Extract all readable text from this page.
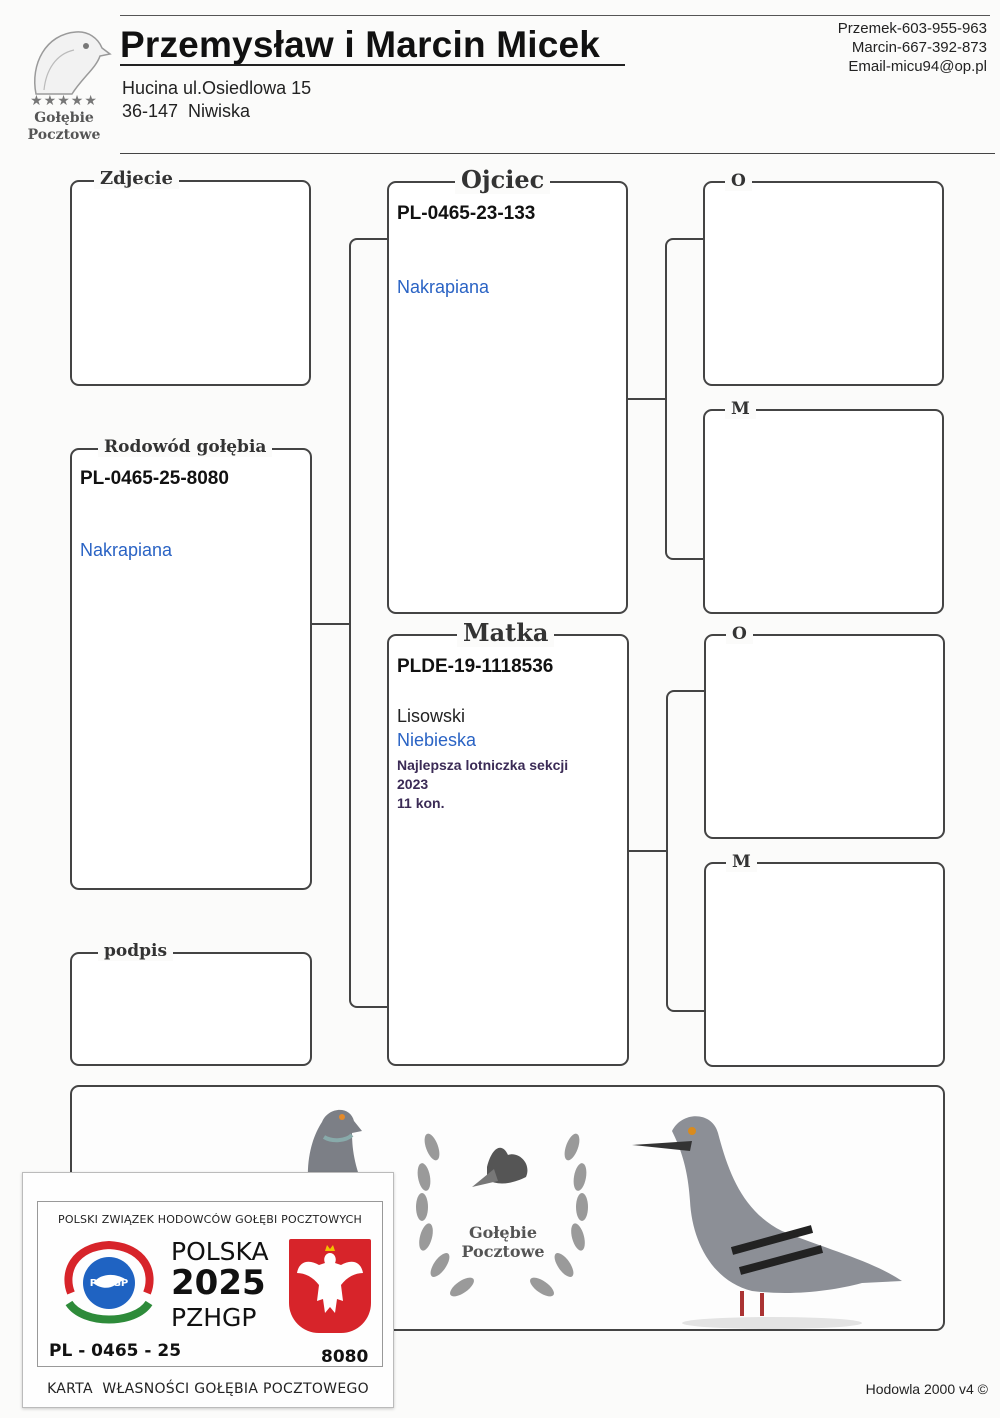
★★★★★
Gołębie
Pocztowe
Przemysław i Marcin Micek
Hucina ul.Osiedlowa 15
36-147  Niwiska
Przemek-603-955-963
Marcin-667-392-873
Email-micu94@op.pl
Zdjecie
Rodowód gołębia
PL-0465-25-8080
Nakrapiana
podpis
Ojciec
PL-0465-23-133
Nakrapiana
Matka
PLDE-19-1118536
Lisowski
Niebieska
Najlepsza lotniczka sekcji
2023
11 kon.
O
M
O
M
Gołębie
Pocztowe
POLSKI ZWIĄZEK HODOWCÓW GOŁĘBI POCZTOWYCH
PZHGP
POLSKA
2025
PZHGP
PL - 0465 - 25	8080
KARTA  WŁASNOŚCI GOŁĘBIA POCZTOWEGO	Hodowla 2000 v4 ©
